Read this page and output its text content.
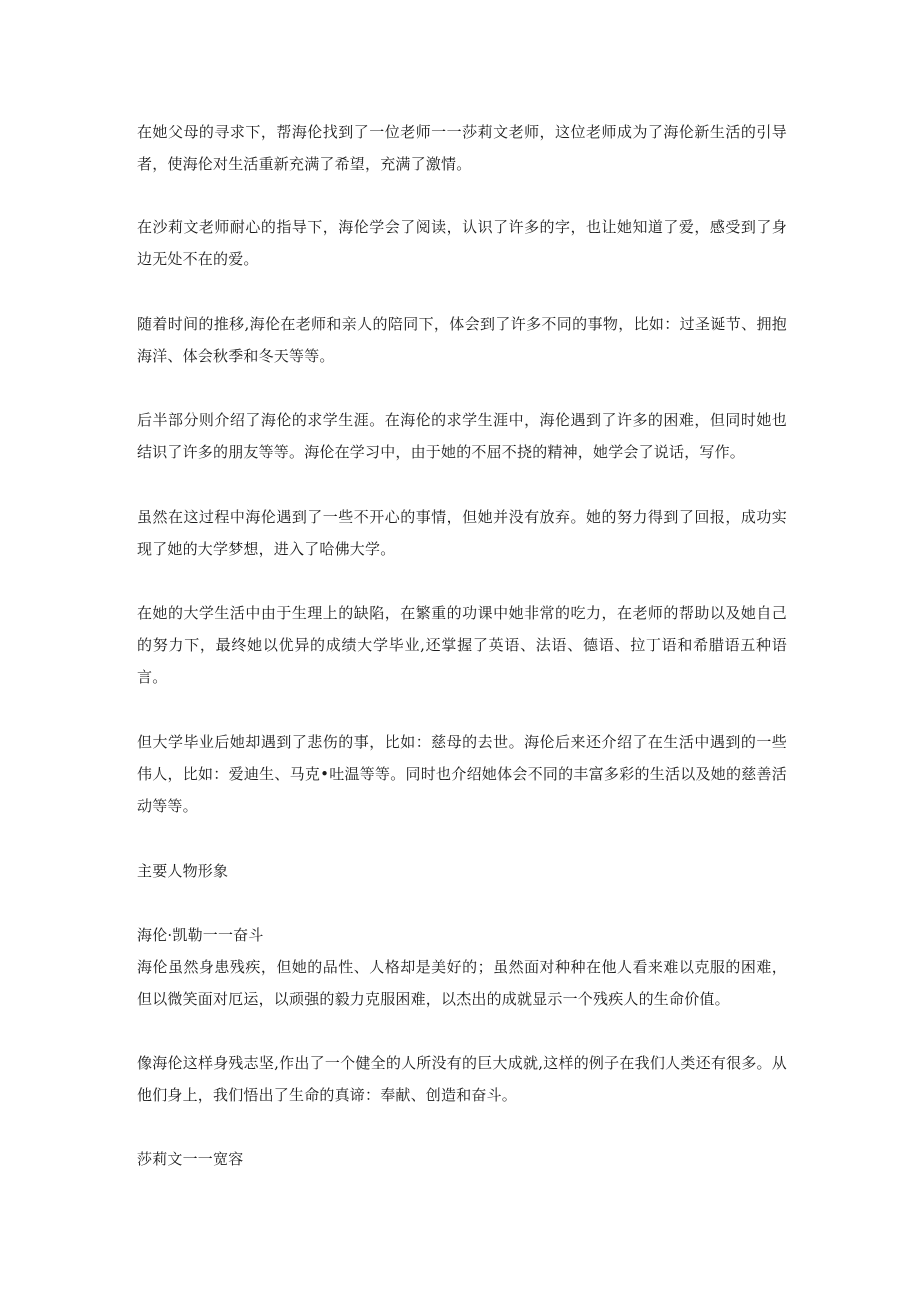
在她父母的寻求下，帮海伦找到了一位老师一一莎莉文老师，这位老师成为了海伦新生活的引导者，使海伦对生活重新充满了希望，充满了激情。

在沙莉文老师耐心的指导下，海伦学会了阅读，认识了许多的字，也让她知道了爱，感受到了身边无处不在的爱。

随着时间的推移,海伦在老师和亲人的陪同下，体会到了许多不同的事物，比如：过圣诞节、拥抱海洋、体会秋季和冬天等等。

后半部分则介绍了海伦的求学生涯。在海伦的求学生涯中，海伦遇到了许多的困难，但同时她也结识了许多的朋友等等。海伦在学习中，由于她的不屈不挠的精神，她学会了说话，写作。

虽然在这过程中海伦遇到了一些不开心的事情，但她并没有放弃。她的努力得到了回报，成功实现了她的大学梦想，进入了哈佛大学。

在她的大学生活中由于生理上的缺陷，在繁重的功课中她非常的吃力，在老师的帮助以及她自己的努力下，最终她以优异的成绩大学毕业,还掌握了英语、法语、德语、拉丁语和希腊语五种语言。

但大学毕业后她却遇到了悲伤的事，比如：慈母的去世。海伦后来还介绍了在生活中遇到的一些伟人，比如：爱迪生、马克•吐温等等。同时也介绍她体会不同的丰富多彩的生活以及她的慈善活动等等。

主要人物形象

海伦·凯勒一一奋斗

海伦虽然身患残疾，但她的品性、人格却是美好的；虽然面对种种在他人看来难以克服的困难，但以微笑面对厄运，以顽强的毅力克服困难，以杰出的成就显示一个残疾人的生命价值。

像海伦这样身残志坚,作出了一个健全的人所没有的巨大成就,这样的例子在我们人类还有很多。从他们身上，我们悟出了生命的真谛：奉献、创造和奋斗。

莎莉文一一宽容
